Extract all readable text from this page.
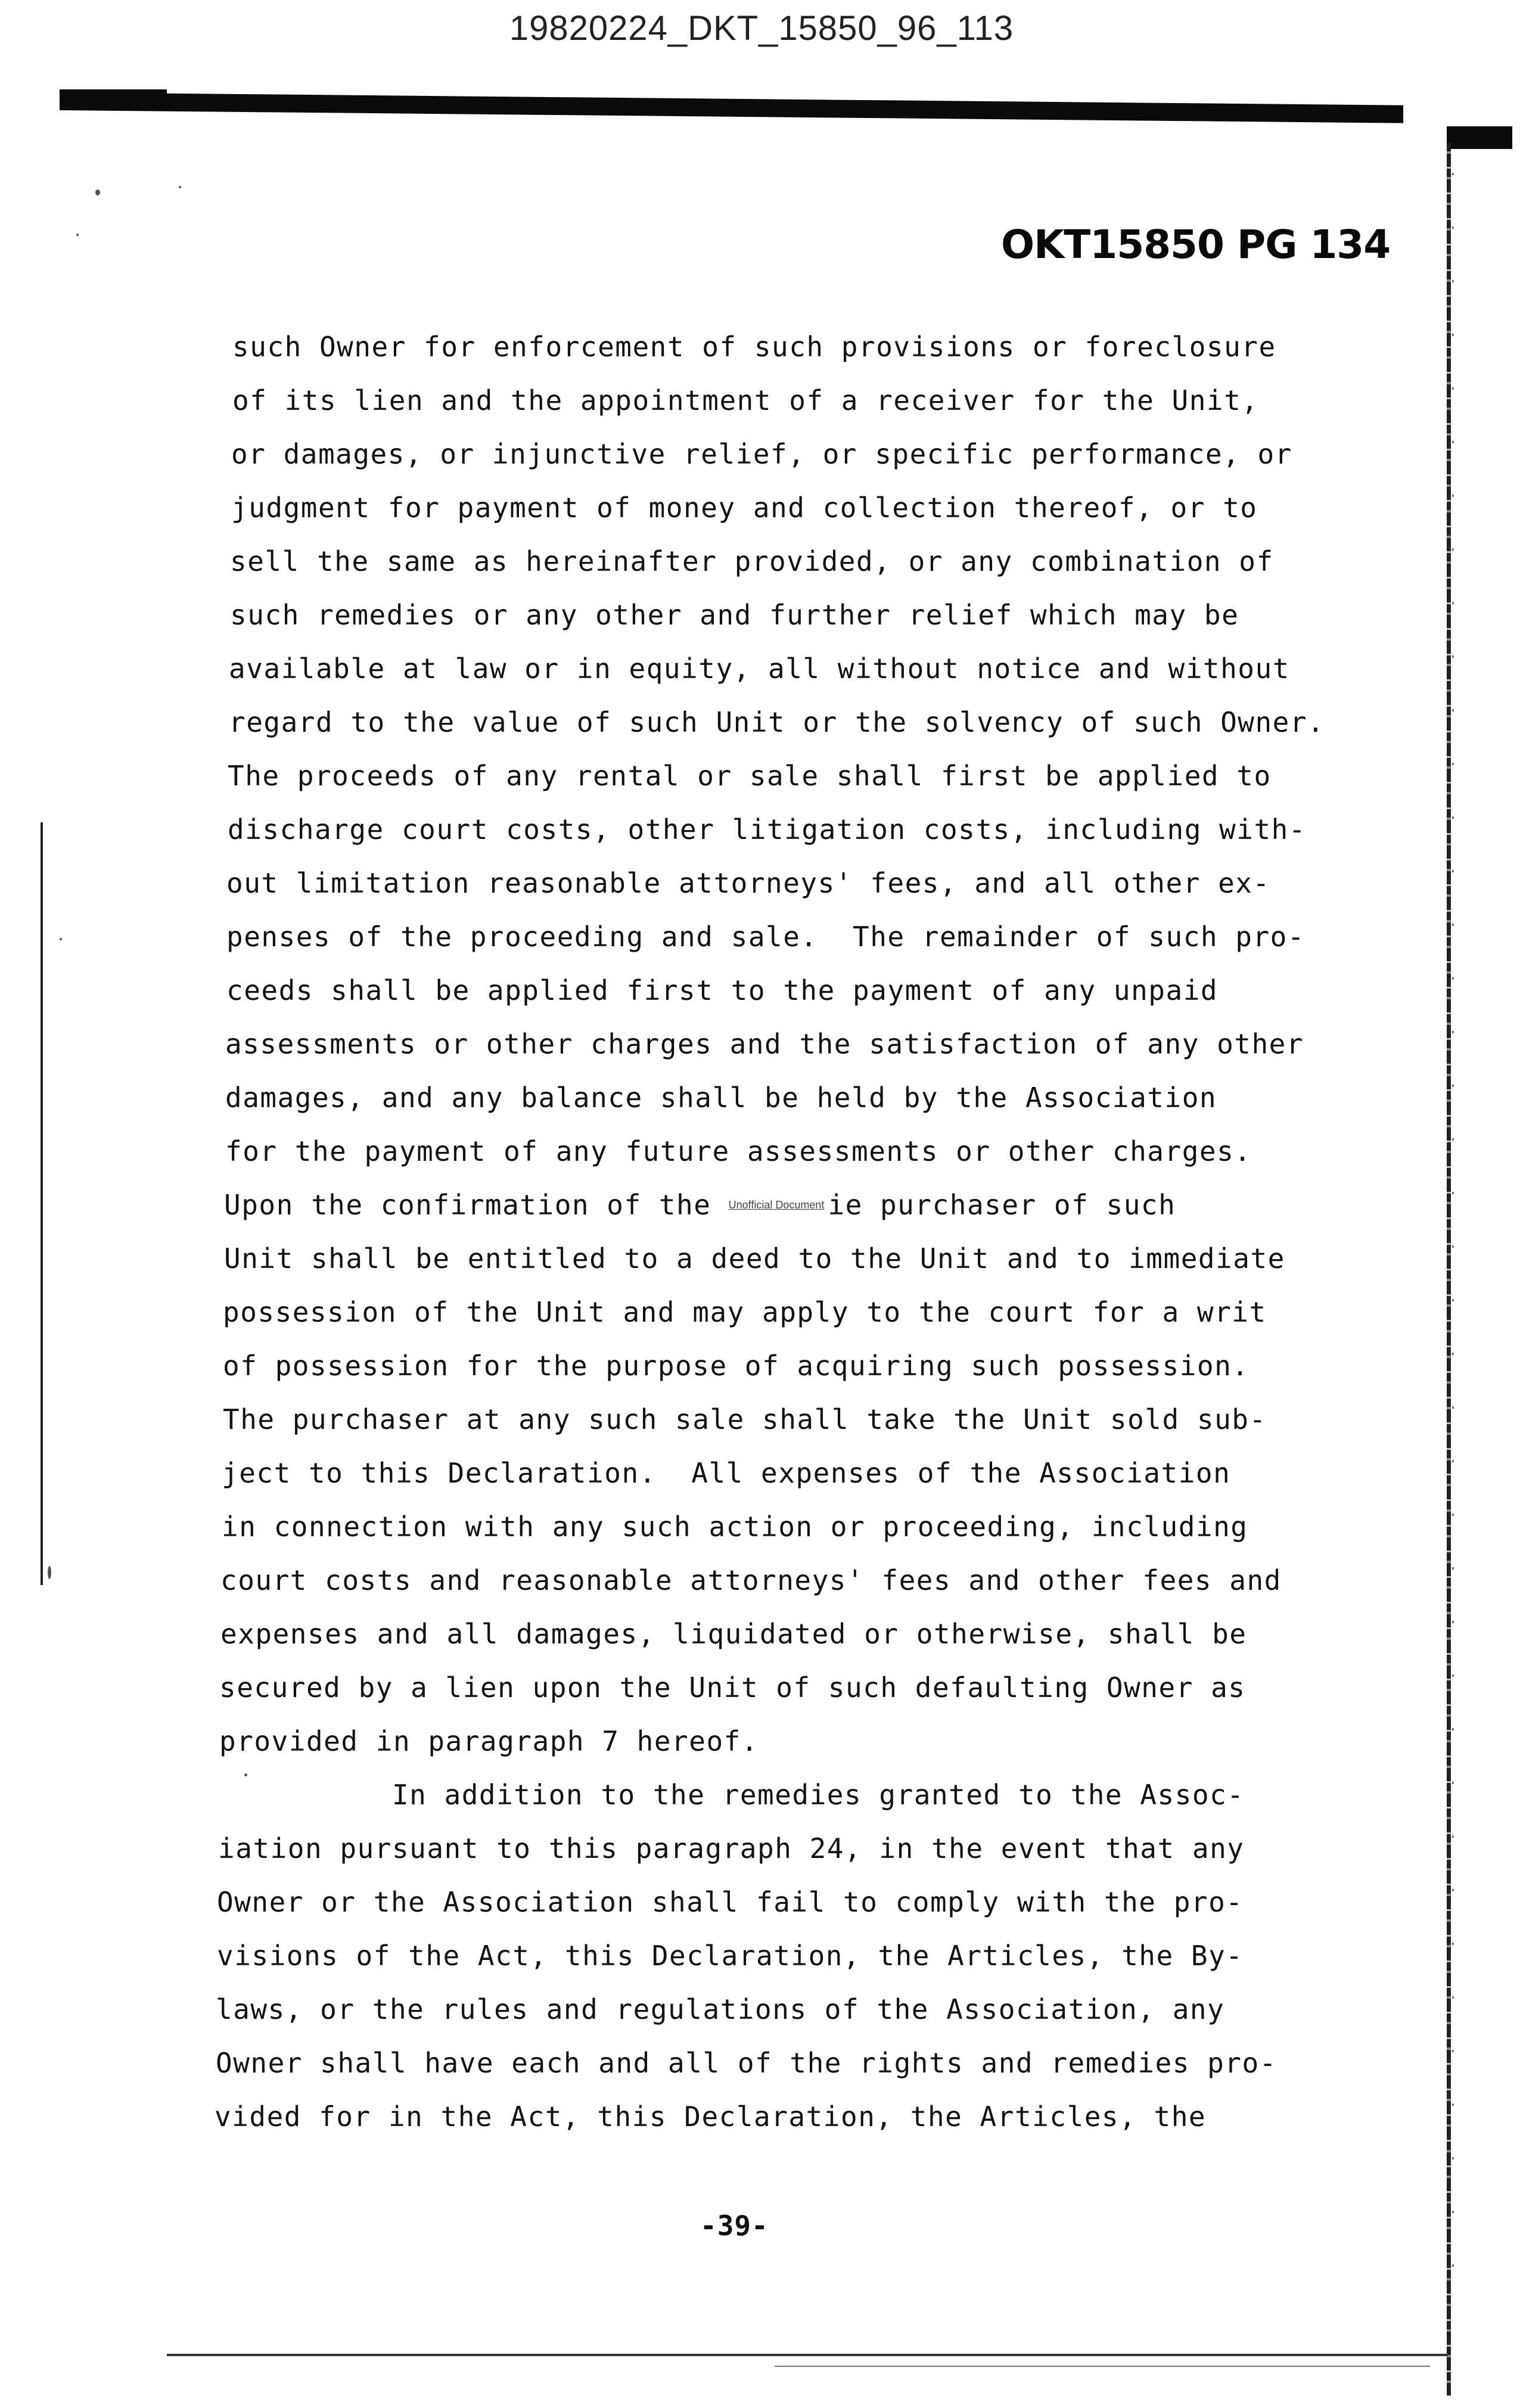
19820224_DKT_15850_96_113
OKT15850 PG 134
such Owner for enforcement of such provisions or foreclosure
of its lien and the appointment of a receiver for the Unit,
or damages, or injunctive relief, or specific performance, or
judgment for payment of money and collection thereof, or to
sell the same as hereinafter provided, or any combination of
such remedies or any other and further relief which may be
available at law or in equity, all without notice and without
regard to the value of such Unit or the solvency of such Owner.
The proceeds of any rental or sale shall first be applied to
discharge court costs, other litigation costs, including with-
out limitation reasonable attorneys' fees, and all other ex-
penses of the proceeding and sale.  The remainder of such pro-
ceeds shall be applied first to the payment of any unpaid
assessments or other charges and the satisfaction of any other
damages, and any balance shall be held by the Association
for the payment of any future assessments or other charges.
Upon the confirmation of the Unofficial Document ie purchaser of such
Unit shall be entitled to a deed to the Unit and to immediate
possession of the Unit and may apply to the court for a writ
of possession for the purpose of acquiring such possession.
The purchaser at any such sale shall take the Unit sold sub-
ject to this Declaration.  All expenses of the Association
in connection with any such action or proceeding, including
court costs and reasonable attorneys' fees and other fees and
expenses and all damages, liquidated or otherwise, shall be
secured by a lien upon the Unit of such defaulting Owner as
provided in paragraph 7 hereof.
In addition to the remedies granted to the Assoc-
iation pursuant to this paragraph 24, in the event that any
Owner or the Association shall fail to comply with the pro-
visions of the Act, this Declaration, the Articles, the By-
laws, or the rules and regulations of the Association, any
Owner shall have each and all of the rights and remedies pro-
vided for in the Act, this Declaration, the Articles, the
-39-
